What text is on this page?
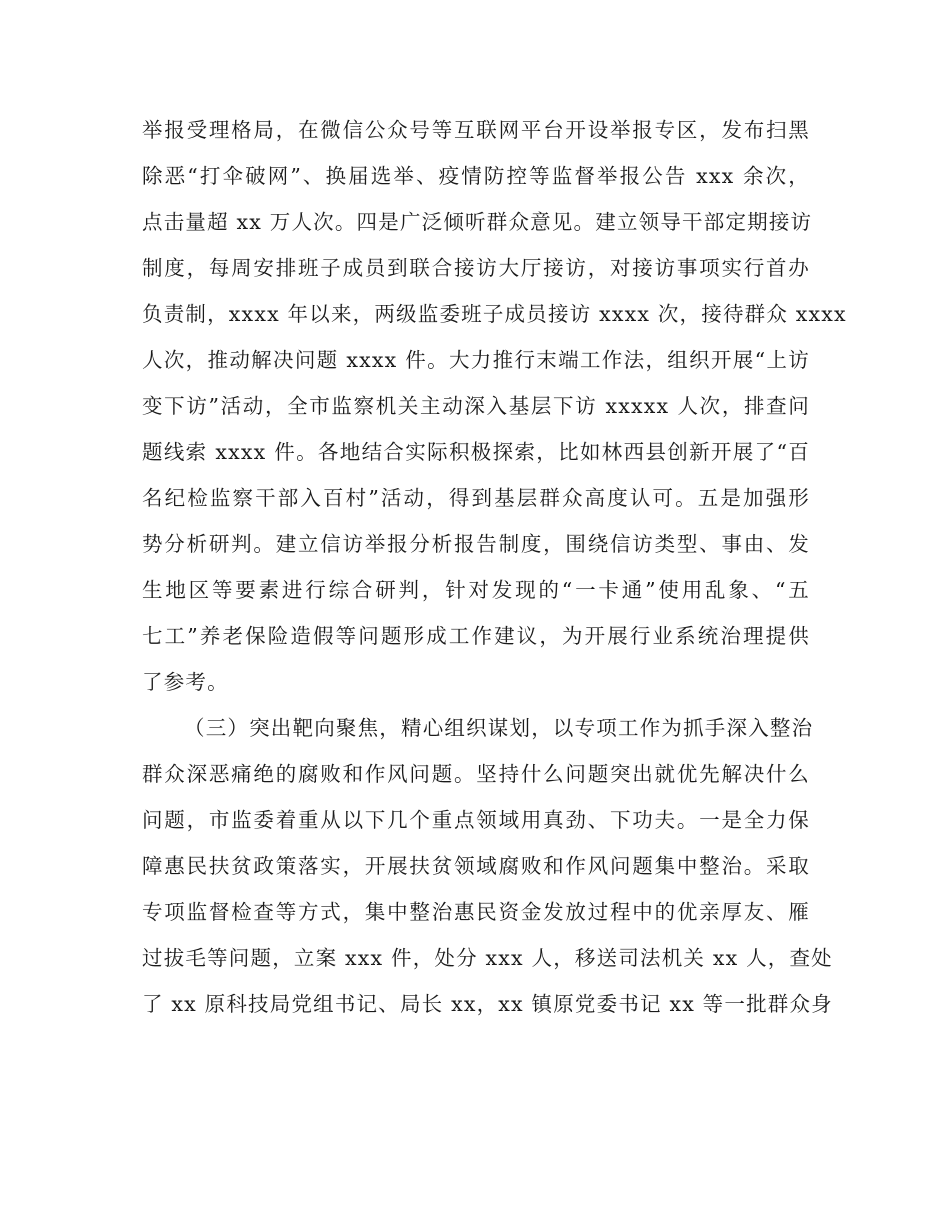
举报受理格局，在微信公众号等互联网平台开设举报专区，发布扫黑
除恶“打伞破网”、换届选举、疫情防控等监督举报公告 xxx 余次，
点击量超 xx 万人次。四是广泛倾听群众意见。建立领导干部定期接访
制度，每周安排班子成员到联合接访大厅接访，对接访事项实行首办
负责制，xxxx 年以来，两级监委班子成员接访 xxxx 次，接待群众 xxxx
人次，推动解决问题 xxxx 件。大力推行末端工作法，组织开展“上访
变下访”活动，全市监察机关主动深入基层下访 xxxxx 人次，排查问
题线索 xxxx 件。各地结合实际积极探索，比如林西县创新开展了“百
名纪检监察干部入百村”活动，得到基层群众高度认可。五是加强形
势分析研判。建立信访举报分析报告制度，围绕信访类型、事由、发
生地区等要素进行综合研判，针对发现的“一卡通”使用乱象、“五
七工”养老保险造假等问题形成工作建议，为开展行业系统治理提供
了参考。
（三）突出靶向聚焦，精心组织谋划，以专项工作为抓手深入整治
群众深恶痛绝的腐败和作风问题。坚持什么问题突出就优先解决什么
问题，市监委着重从以下几个重点领域用真劲、下功夫。一是全力保
障惠民扶贫政策落实，开展扶贫领域腐败和作风问题集中整治。采取
专项监督检查等方式，集中整治惠民资金发放过程中的优亲厚友、雁
过拔毛等问题，立案 xxx 件，处分 xxx 人，移送司法机关 xx 人，查处
了 xx 原科技局党组书记、局长 xx，xx 镇原党委书记 xx 等一批群众身
